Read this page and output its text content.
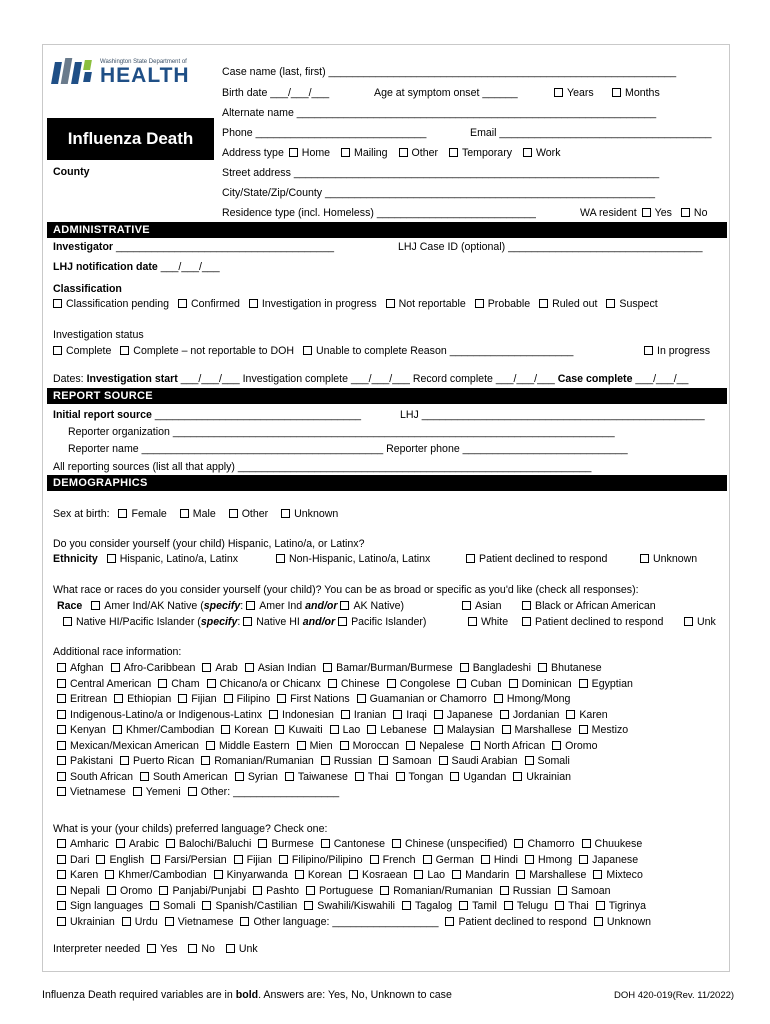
Washington State Department of
HEALTH
Influenza Death
County
Case name (last, first) ___________________________________________________________
Birth date ___/___/___	Age at symptom onset ______	Years	Months
Alternate name _____________________________________________________________
Phone _____________________________	Email ____________________________________
Address type Home Mailing Other Temporary Work
Street address ______________________________________________________________
City/State/Zip/County ________________________________________________________
Residence type (incl. Homeless) ___________________________	WA resident Yes No
ADMINISTRATIVE
Investigator _____________________________________	LHJ Case ID (optional) _________________________________
LHJ notification date ___/___/___
Classification
Classification pending Confirmed Investigation in progress Not reportable Probable Ruled out Suspect
Investigation status
Complete Complete – not reportable to DOH Unable to complete Reason _____________________	In progress
Dates: Investigation start ___/___/___ Investigation complete ___/___/___ Record complete ___/___/___ Case complete ___/___/__
REPORT SOURCE
Initial report source ___________________________________	LHJ ________________________________________________
Reporter organization ___________________________________________________________________________
Reporter name _________________________________________ Reporter phone ____________________________
All reporting sources (list all that apply) ____________________________________________________________
DEMOGRAPHICS
Sex at birth: Female Male Other Unknown
Do you consider yourself (your child) Hispanic, Latino/a, or Latinx?
Ethnicity Hispanic, Latino/a, Latinx	Non-Hispanic, Latino/a, Latinx	Patient declined to respond	Unknown
What race or races do you consider yourself (your child)? You can be as broad or specific as you'd like (check all responses):
Race Amer Ind/AK Native (specify: Amer Ind and/or AK Native)	Asian	Black or African American
Native HI/Pacific Islander (specify: Native HI and/or Pacific Islander)	White	Patient declined to respond	Unk
Additional race information:
Afghan Afro-Caribbean Arab Asian Indian Bamar/Burman/Burmese Bangladeshi Bhutanese
Central American Cham Chicano/a or Chicanx Chinese Congolese Cuban Dominican Egyptian
Eritrean Ethiopian Fijian Filipino First Nations Guamanian or Chamorro Hmong/Mong
Indigenous-Latino/a or Indigenous-Latinx Indonesian Iranian Iraqi Japanese Jordanian Karen
Kenyan Khmer/Cambodian Korean Kuwaiti Lao Lebanese Malaysian Marshallese Mestizo
Mexican/Mexican American Middle Eastern Mien Moroccan Nepalese North African Oromo
Pakistani Puerto Rican Romanian/Rumanian Russian Samoan Saudi Arabian Somali
South African South American Syrian Taiwanese Thai Tongan Ugandan Ukrainian
Vietnamese Yemeni Other: __________________
What is your (your childs) preferred language? Check one:
Amharic Arabic Balochi/Baluchi Burmese Cantonese Chinese (unspecified) Chamorro Chuukese
Dari English Farsi/Persian Fijian Filipino/Pilipino French German Hindi Hmong Japanese
Karen Khmer/Cambodian Kinyarwanda Korean Kosraean Lao Mandarin Marshallese Mixteco
Nepali Oromo Panjabi/Punjabi Pashto Portuguese Romanian/Rumanian Russian Samoan
Sign languages Somali Spanish/Castilian Swahili/Kiswahili Tagalog Tamil Telugu Thai Tigrinya
Ukrainian Urdu Vietnamese Other language: __________________ Patient declined to respond Unknown
Interpreter needed Yes No Unk
Influenza Death required variables are in bold. Answers are: Yes, No, Unknown to case	DOH 420-019(Rev. 11/2022)
